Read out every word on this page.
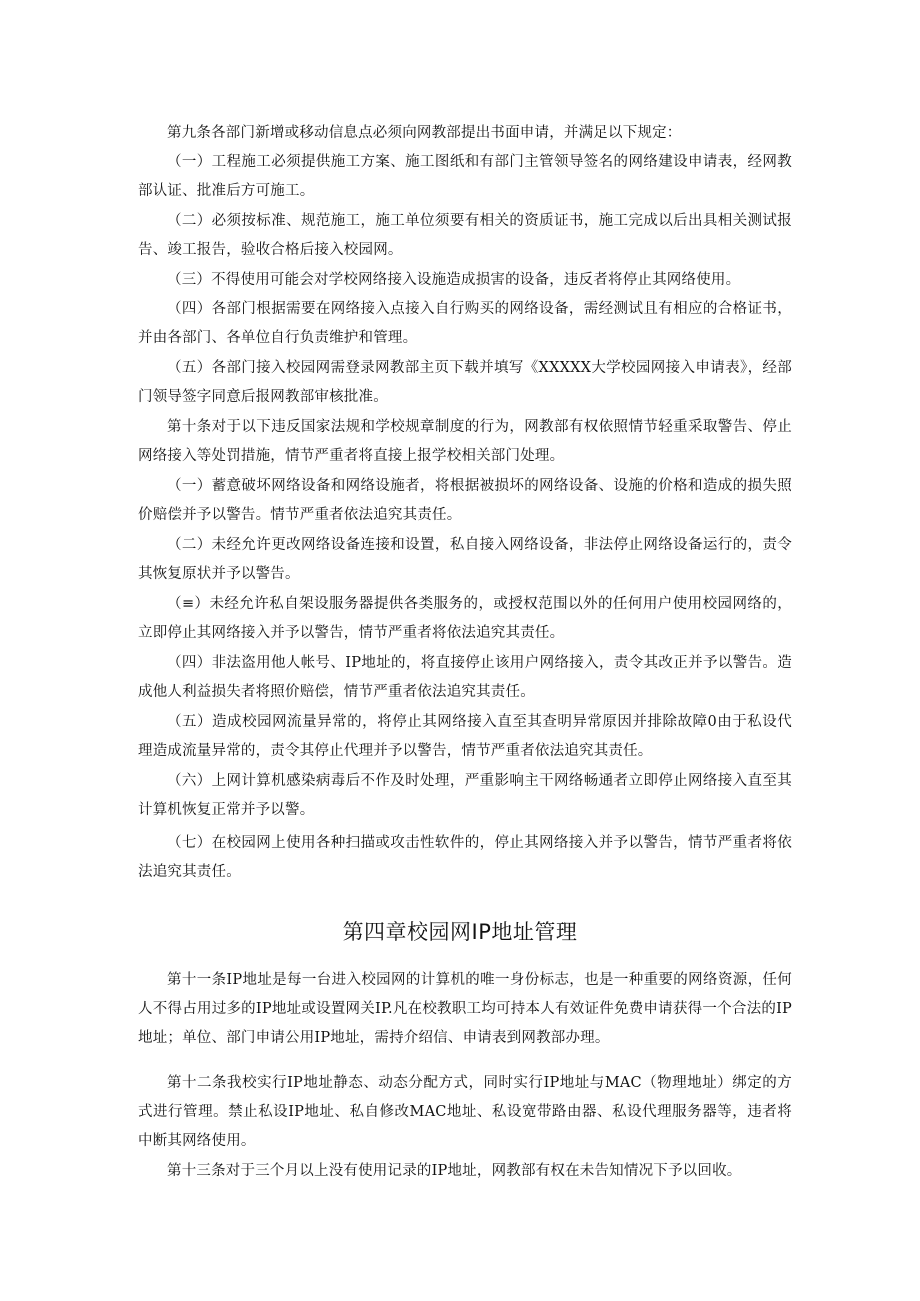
第九条各部门新增或移动信息点必须向网教部提出书面申请，并满足以下规定：

（一）工程施工必须提供施工方案、施工图纸和有部门主管领导签名的网络建设申请表，经网教部认证、批准后方可施工。

（二）必须按标准、规范施工，施工单位须要有相关的资质证书，施工完成以后出具相关测试报告、竣工报告，验收合格后接入校园网。

（三）不得使用可能会对学校网络接入设施造成损害的设备，违反者将停止其网络使用。

（四）各部门根据需要在网络接入点接入自行购买的网络设备，需经测试且有相应的合格证书，并由各部门、各单位自行负责维护和管理。

（五）各部门接入校园网需登录网教部主页下载并填写《XXXXX大学校园网接入申请表》，经部门领导签字同意后报网教部审核批准。

第十条对于以下违反国家法规和学校规章制度的行为，网教部有权依照情节轻重采取警告、停止网络接入等处罚措施，情节严重者将直接上报学校相关部门处理。

（一）蓄意破坏网络设备和网络设施者，将根据被损坏的网络设备、设施的价格和造成的损失照价赔偿并予以警告。情节严重者依法追究其责任。

（二）未经允许更改网络设备连接和设置，私自接入网络设备，非法停止网络设备运行的，责令其恢复原状并予以警告。

（≡）未经允许私自架设服务器提供各类服务的，或授权范围以外的任何用户使用校园网络的，立即停止其网络接入并予以警告，情节严重者将依法追究其责任。

（四）非法盗用他人帐号、IP地址的，将直接停止该用户网络接入，责令其改正并予以警告。造成他人利益损失者将照价赔偿，情节严重者依法追究其责任。

（五）造成校园网流量异常的，将停止其网络接入直至其查明异常原因并排除故障0由于私设代理造成流量异常的，责令其停止代理并予以警告，情节严重者依法追究其责任。

（六）上网计算机感染病毒后不作及时处理，严重影响主干网络畅通者立即停止网络接入直至其计算机恢复正常并予以警。

（七）在校园网上使用各种扫描或攻击性软件的，停止其网络接入并予以警告，情节严重者将依法追究其责任。

第四章校园网IP地址管理

第十一条IP地址是每一台进入校园网的计算机的唯一身份标志，也是一种重要的网络资源，任何人不得占用过多的IP地址或设置网关IP.凡在校教职工均可持本人有效证件免费申请获得一个合法的IP地址；单位、部门申请公用IP地址，需持介绍信、申请表到网教部办理。

第十二条我校实行IP地址静态、动态分配方式，同时实行IP地址与MAC（物理地址）绑定的方式进行管理。禁止私设IP地址、私自修改MAC地址、私设宽带路由器、私设代理服务器等，违者将中断其网络使用。

第十三条对于三个月以上没有使用记录的IP地址，网教部有权在未告知情况下予以回收。
